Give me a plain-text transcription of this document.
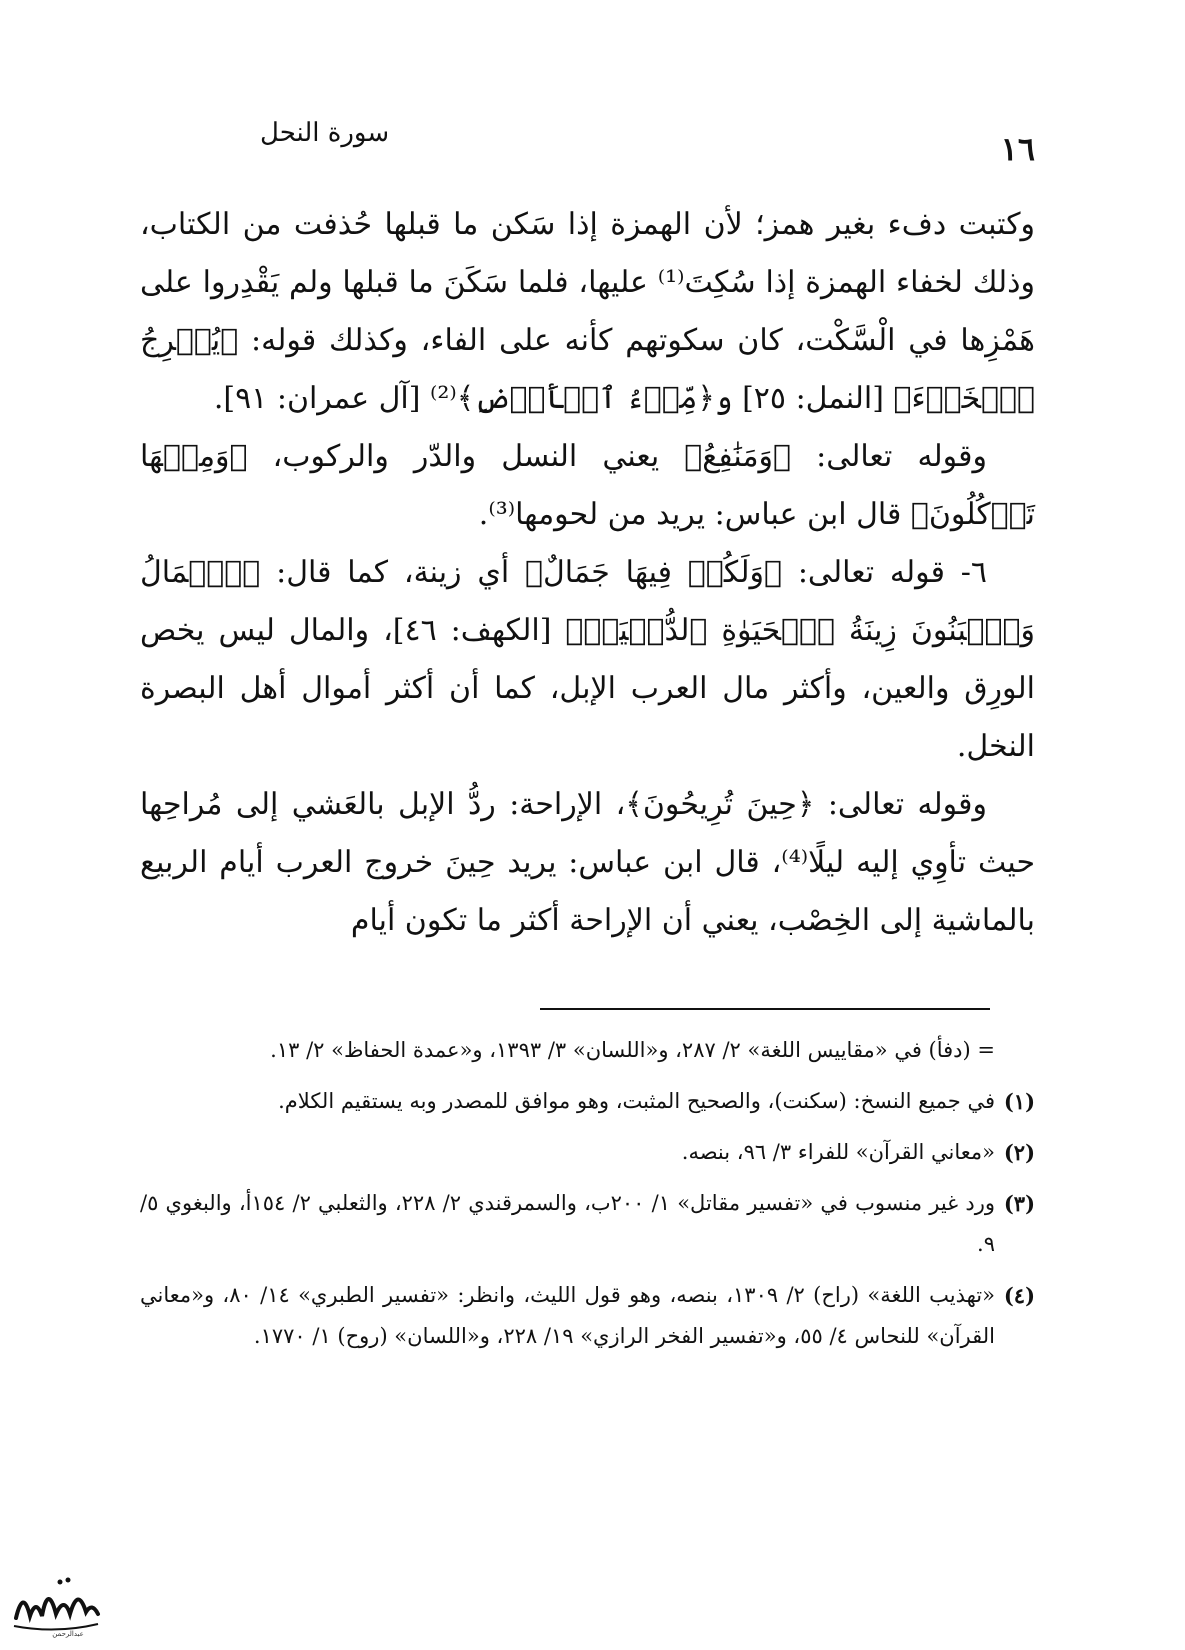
١٦
سورة النحل

وكتبت دفء بغير همز؛ لأن الهمزة إذا سَكن ما قبلها حُذفت من الكتاب، وذلك لخفاء الهمزة إذا سُكِتَ⁽¹⁾ عليها، فلما سَكَنَ ما قبلها ولم يَقْدِروا على هَمْزِها في الْسَّكْت، كان سكوتهم كأنه على الفاء، وكذلك قوله: ﴿يُخۡرِجُ ٱلۡخَبۡءَ﴾ [النمل: ٢٥] و﴿مِّلۡءُ ٱلۡأَرۡضِ﴾⁽²⁾ [آل عمران: ٩١].

وقوله تعالى: ﴿وَمَنَٰفِعُ﴾ يعني النسل والدّر والركوب، ﴿وَمِنۡهَا تَأۡكُلُونَ﴾ قال ابن عباس: يريد من لحومها⁽³⁾.

٦- قوله تعالى: ﴿وَلَكُمۡ فِيهَا جَمَالٌ﴾ أي زينة، كما قال: ﴿ٱلۡمَالُ وَٱلۡبَنُونَ زِينَةُ ٱلۡحَيَوٰةِ ٱلدُّنۡيَاۖ﴾ [الكهف: ٤٦]، والمال ليس يخص الورِق والعين، وأكثر مال العرب الإبل، كما أن أكثر أموال أهل البصرة النخل.

وقوله تعالى: ﴿حِينَ تُرِيحُونَ﴾، الإراحة: ردُّ الإبل بالعَشي إلى مُراحِها حيث تأوِي إليه ليلًا⁽⁴⁾، قال ابن عباس: يريد حِينَ خروج العرب أيام الربيع بالماشية إلى الخِصْب، يعني أن الإراحة أكثر ما تكون أيام

= (دفأ) في «مقاييس اللغة» ٢/ ٢٨٧، و«اللسان» ٣/ ١٣٩٣، و«عمدة الحفاظ» ٢/ ١٣.
(١)
في جميع النسخ: (سكنت)، والصحيح المثبت، وهو موافق للمصدر وبه يستقيم الكلام.
(٢)
«معاني القرآن» للفراء ٣/ ٩٦، بنصه.
(٣)
ورد غير منسوب في «تفسير مقاتل» ١/ ٢٠٠ب، والسمرقندي ٢/ ٢٢٨، والثعلبي ٢/ ١٥٤أ، والبغوي ٥/ ٩.
(٤)
«تهذيب اللغة» (راح) ٢/ ١٣٠٩، بنصه، وهو قول الليث، وانظر: «تفسير الطبري» ١٤/ ٨٠، و«معاني القرآن» للنحاس ٤/ ٥٥، و«تفسير الفخر الرازي» ١٩/ ٢٢٨، و«اللسان» (روح) ١/ ١٧٧٠.
عبدالرحمن
